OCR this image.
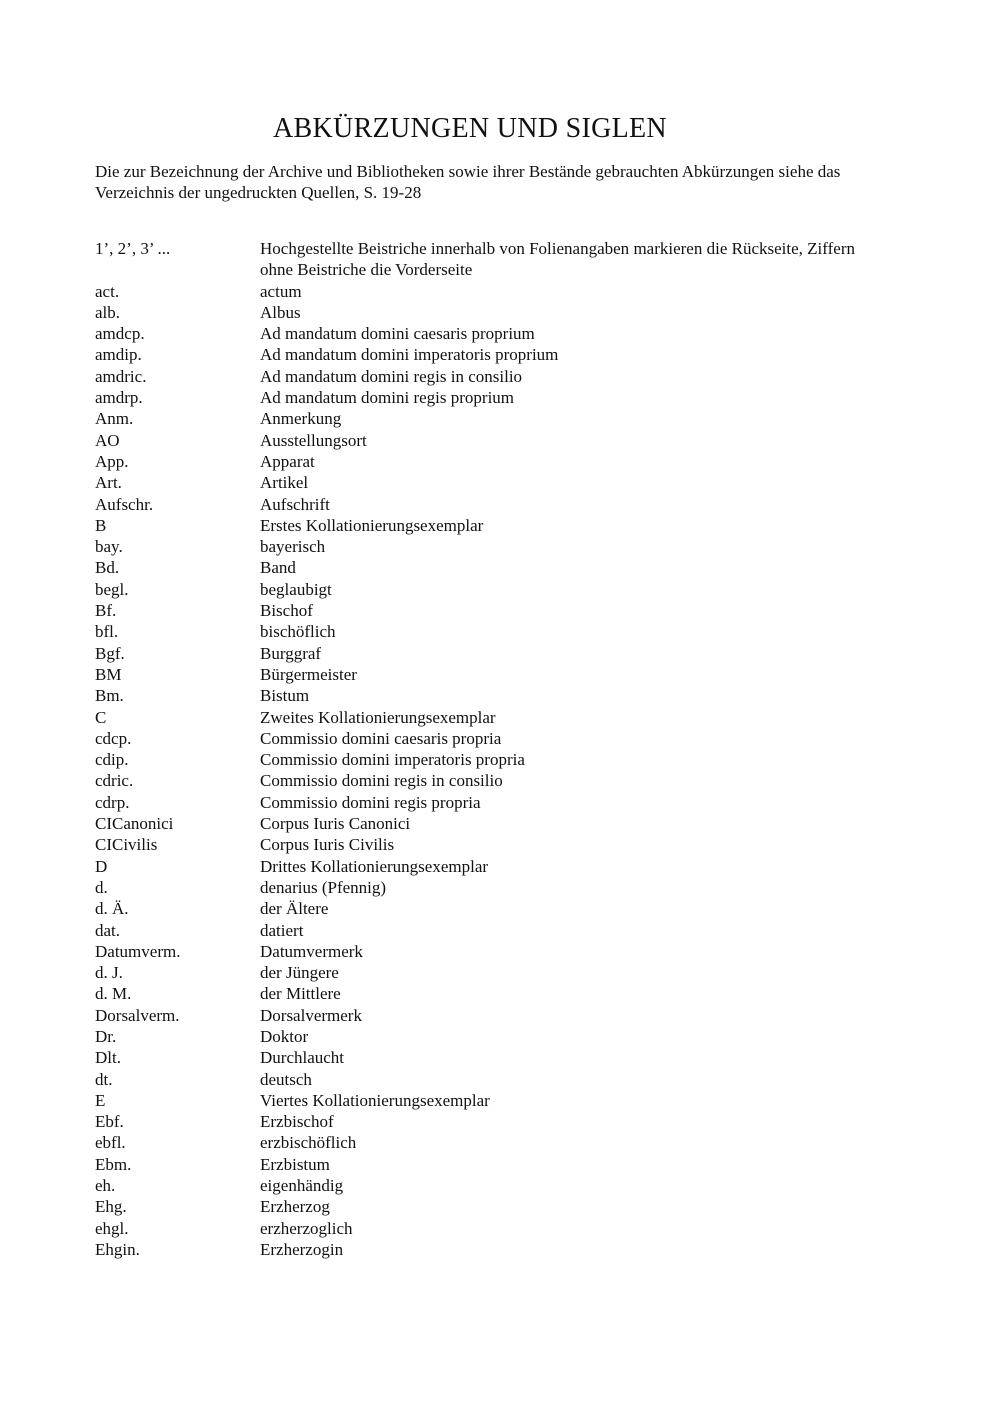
ABKÜRZUNGEN UND SIGLEN

Die zur Bezeichnung der Archive und Bibliotheken sowie ihrer Bestände gebrauchten Abkürzungen siehe das Verzeichnis der ungedruckten Quellen, S. 19-28

1’, 2’, 3’ ...	Hochgestellte Beistriche innerhalb von Folienangaben markieren die Rückseite, Ziffern ohne Beistriche die Vorderseite
act.	actum
alb.	Albus
amdcp.	Ad mandatum domini caesaris proprium
amdip.	Ad mandatum domini imperatoris proprium
amdric.	Ad mandatum domini regis in consilio
amdrp.	Ad mandatum domini regis proprium
Anm.	Anmerkung
AO	Ausstellungsort
App.	Apparat
Art.	Artikel
Aufschr.	Aufschrift
B	Erstes Kollationierungsexemplar
bay.	bayerisch
Bd.	Band
begl.	beglaubigt
Bf.	Bischof
bfl.	bischöflich
Bgf.	Burggraf
BM	Bürgermeister
Bm.	Bistum
C	Zweites Kollationierungsexemplar
cdcp.	Commissio domini caesaris propria
cdip.	Commissio domini imperatoris propria
cdric.	Commissio domini regis in consilio
cdrp.	Commissio domini regis propria
CICanonici	Corpus Iuris Canonici
CICivilis	Corpus Iuris Civilis
D	Drittes Kollationierungsexemplar
d.	denarius (Pfennig)
d. Ä.	der Ältere
dat.	datiert
Datumverm.	Datumvermerk
d. J.	der Jüngere
d. M.	der Mittlere
Dorsalverm.	Dorsalvermerk
Dr.	Doktor
Dlt.	Durchlaucht
dt.	deutsch
E	Viertes Kollationierungsexemplar
Ebf.	Erzbischof
ebfl.	erzbischöflich
Ebm.	Erzbistum
eh.	eigenhändig
Ehg.	Erzherzog
ehgl.	erzherzoglich
Ehgin.	Erzherzogin
